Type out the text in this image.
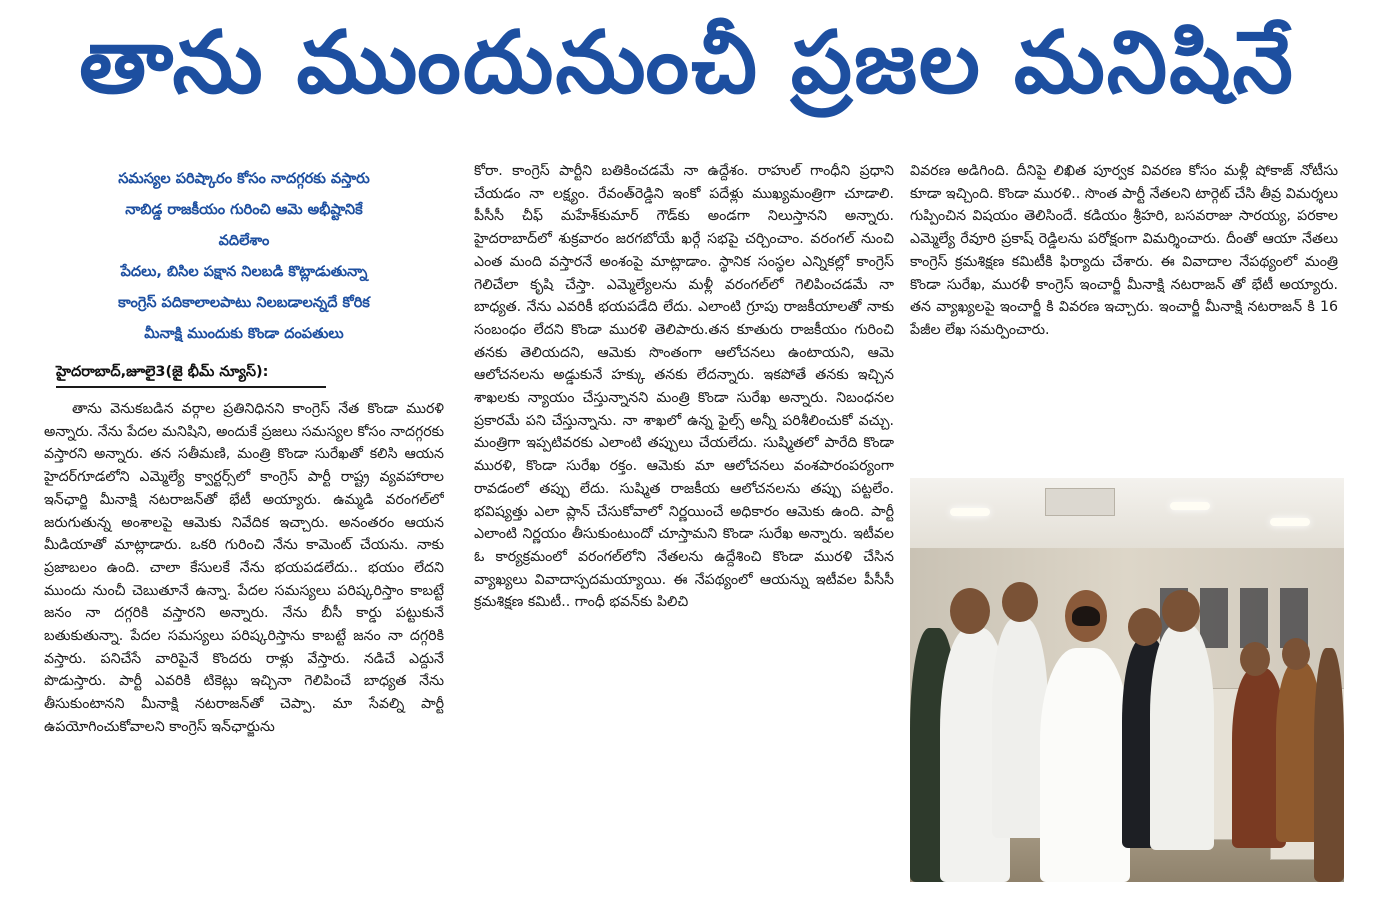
తాను ముందునుంచీ ప్రజల మనిషినే
సమస్యల పరిష్కారం కోసం నాదగ్గరకు వస్తారు
నాబిడ్డ రాజకీయం గురించి ఆమె అభీష్టానికే
వదిలేశాం
పేదలు, బిసిల పక్షాన నిలబడి కొట్లాడుతున్నా
కాంగ్రెస్ పదికాలాలపాటు నిలబడాలన్నదే కోరిక
మీనాక్షి ముందుకు కొండా దంపతులు
హైదరాబాద్,జూలై3(జై భీమ్ న్యూస్):

తాను వెనుకబడిన వర్గాల ప్రతినిధినని కాంగ్రెస్ నేత కొండా మురళి అన్నారు. నేను పేదల మనిషిని, అందుకే ప్రజలు సమస్యల కోసం నాదగ్గరకు వస్తారని అన్నారు. తన సతీమణి, మంత్రి కొండా సురేఖతో కలిసి ఆయన హైదర్‌గూడలోని ఎమ్మెల్యే క్వార్టర్స్‌లో కాంగ్రెస్ పార్టీ రాష్ట్ర వ్యవహారాల ఇన్‌ఛార్జి మీనాక్షి నటరాజన్‌తో భేటీ అయ్యారు. ఉమ్మడి వరంగల్‌లో జరుగుతున్న అంశాలపై ఆమెకు నివేదిక ఇచ్చారు. అనంతరం ఆయన మీడియాతో మాట్లాడారు. ఒకరి గురించి నేను కామెంట్ చేయను. నాకు ప్రజాబలం ఉంది. చాలా కేసులకే నేను భయపడలేదు.. భయం లేదని ముందు నుంచీ చెబుతూనే ఉన్నా. పేదల సమస్యలు పరిష్కరిస్తాం కాబట్టే జనం నా దగ్గరికి వస్తారని అన్నారు. నేను బీసీ కార్డు పట్టుకునే బతుకుతున్నా. పేదల సమస్యలు పరిష్కరిస్తాను కాబట్టే జనం నా దగ్గరికి వస్తారు. పనిచేసే వారిపైనే కొందరు రాళ్లు వేస్తారు. నడిచే ఎద్దునే పొడుస్తారు. పార్టీ ఎవరికి టికెట్లు ఇచ్చినా గెలిపించే బాధ్యత నేను తీసుకుంటానని మీనాక్షి నటరాజన్‌తో చెప్పా. మా సేవల్ని పార్టీ ఉపయోగించుకోవాలని కాంగ్రెస్ ఇన్‌ఛార్జును

కోరా. కాంగ్రెస్ పార్టీని బతికించడమే నా ఉద్దేశం. రాహుల్ గాంధీని ప్రధాని చేయడం నా లక్ష్యం. రేవంత్‌రెడ్డిని ఇంకో పదేళ్లు ముఖ్యమంత్రిగా చూడాలి. పీసీసీ చీఫ్ మహేశ్‌కుమార్ గౌడ్‌కు అండగా నిలుస్తానని అన్నారు. హైదరాబాద్‌లో శుక్రవారం జరగబోయే ఖర్గే సభపై చర్చించాం. వరంగల్ నుంచి ఎంత మంది వస్తారనే అంశంపై మాట్లాడాం. స్థానిక సంస్థల ఎన్నికల్లో కాంగ్రెస్ గెలిచేలా కృషి చేస్తా. ఎమ్మెల్యేలను మళ్లీ వరంగల్‌లో గెలిపించడమే నా బాధ్యత. నేను ఎవరికీ భయపడేది లేదు. ఎలాంటి గ్రూపు రాజకీయాలతో నాకు సంబంధం లేదని కొండా మురళి తెలిపారు.తన కూతురు రాజకీయం గురించి తనకు తెలియదని, ఆమెకు సొంతంగా ఆలోచనలు ఉంటాయని, ఆమె ఆలోచనలను అడ్డుకునే హక్కు తనకు లేదన్నారు. ఇకపోతే తనకు ఇచ్చిన శాఖలకు న్యాయం చేస్తున్నానని మంత్రి కొండా సురేఖ అన్నారు. నిబంధనల ప్రకారమే పని చేస్తున్నాను. నా శాఖలో ఉన్న ఫైల్స్ అన్నీ పరిశీలించుకో వచ్చు. మంత్రిగా ఇప్పటివరకు ఎలాంటి తప్పులు చేయలేదు. సుష్మితలో పారేది కొండా మురళి, కొండా సురేఖ రక్తం. ఆమెకు మా ఆలోచనలు వంశపారంపర్యంగా రావడంలో తప్పు లేదు. సుష్మిత రాజకీయ ఆలోచనలను తప్పు పట్టలేం. భవిష్యత్తు ఎలా ప్లాన్ చేసుకోవాలో నిర్ణయించే అధికారం ఆమెకు ఉంది. పార్టీ ఎలాంటి నిర్ణయం తీసుకుంటుందో చూస్తామని కొండా సురేఖ అన్నారు. ఇటీవల ఓ కార్యక్రమంలో వరంగల్‌లోని నేతలను ఉద్దేశించి కొండా మురళి చేసిన వ్యాఖ్యలు వివాదాస్పదమయ్యాయి. ఈ నేపథ్యంలో ఆయన్ను ఇటీవల పీసీసీ క్రమశిక్షణ కమిటీ.. గాంధీ భవన్‌కు పిలిచి

వివరణ అడిగింది. దీనిపై లిఖిత పూర్వక వివరణ కోసం మళ్లీ షోకాజ్ నోటీసు కూడా ఇచ్చింది. కొండా మురళి.. సొంత పార్టీ నేతలని టార్గెట్ చేసి తీవ్ర విమర్శలు గుప్పించిన విషయం తెలిసిందే. కడియం శ్రీహరి, బసవరాజు సారయ్య, పరకాల ఎమ్మెల్యే రేవూరి ప్రకాష్ రెడ్డిలను పరోక్షంగా విమర్శించారు. దీంతో ఆయా నేతలు కాంగ్రెస్ క్రమశిక్షణ కమిటీకి ఫిర్యాదు చేశారు. ఈ వివాదాల నేపథ్యంలో మంత్రి కొండా సురేఖ, మురళీ కాంగ్రెస్ ఇంచార్జీ మీనాక్షి నటరాజన్ తో భేటీ అయ్యారు. తన వ్యాఖ్యలపై ఇంచార్జీ కి వివరణ ఇచ్చారు. ఇంచార్జీ మీనాక్షి నటరాజన్ కి 16 పేజీల లేఖ సమర్పించారు.
